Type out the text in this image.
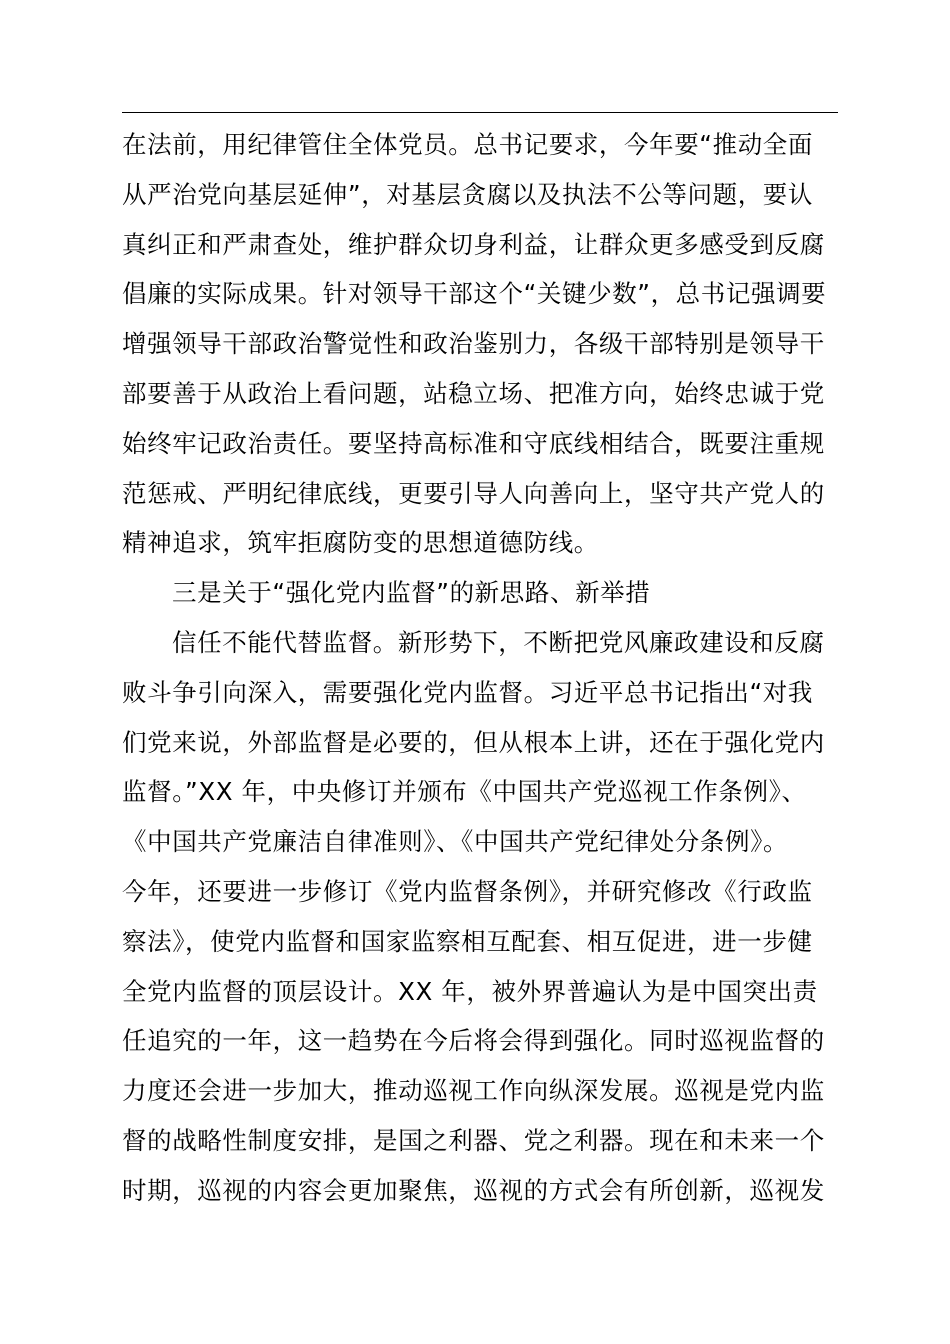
在法前，用纪律管住全体党员。总书记要求，今年要“推动全面
从严治党向基层延伸”，对基层贪腐以及执法不公等问题，要认
真纠正和严肃查处，维护群众切身利益，让群众更多感受到反腐
倡廉的实际成果。针对领导干部这个“关键少数”，总书记强调要
增强领导干部政治警觉性和政治鉴别力，各级干部特别是领导干
部要善于从政治上看问题，站稳立场、把准方向，始终忠诚于党
始终牢记政治责任。要坚持高标准和守底线相结合，既要注重规
范惩戒、严明纪律底线，更要引导人向善向上，坚守共产党人的
精神追求，筑牢拒腐防变的思想道德防线。
三是关于“强化党内监督”的新思路、新举措
信任不能代替监督。新形势下，不断把党风廉政建设和反腐
败斗争引向深入，需要强化党内监督。习近平总书记指出“对我
们党来说，外部监督是必要的，但从根本上讲，还在于强化党内
监督。”XX 年，中央修订并颁布《中国共产党巡视工作条例》、
《中国共产党廉洁自律准则》、《中国共产党纪律处分条例》。
今年，还要进一步修订《党内监督条例》，并研究修改《行政监
察法》，使党内监督和国家监察相互配套、相互促进，进一步健
全党内监督的顶层设计。XX 年，被外界普遍认为是中国突出责
任追究的一年，这一趋势在今后将会得到强化。同时巡视监督的
力度还会进一步加大，推动巡视工作向纵深发展。巡视是党内监
督的战略性制度安排，是国之利器、党之利器。现在和未来一个
时期，巡视的内容会更加聚焦，巡视的方式会有所创新，巡视发
